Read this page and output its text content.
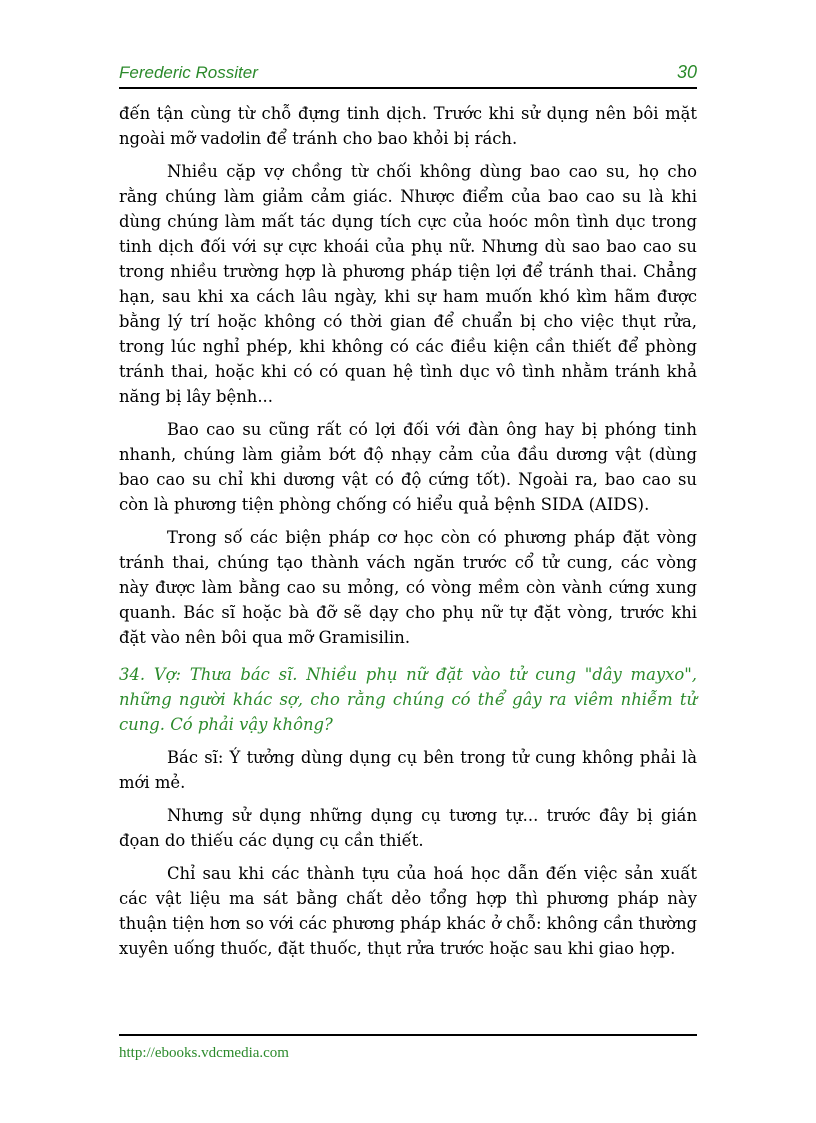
Ferederic Rossiter	30

đến tận cùng từ chỗ đựng tinh dịch. Trước khi sử dụng nên bôi mặt ngoài mỡ vadơlin để tránh cho bao khỏi bị rách.

Nhiều cặp vợ chồng từ chối không dùng bao cao su, họ cho rằng chúng làm giảm cảm giác. Nhược điểm của bao cao su là khi dùng chúng làm mất tác dụng tích cực của hoóc môn tình dục trong tinh dịch đối với sự cực khoái của phụ nữ. Nhưng dù sao bao cao su trong nhiều trường hợp là phương pháp tiện lợi để tránh thai. Chẳng hạn, sau khi xa cách lâu ngày, khi sự ham muốn khó kìm hãm được bằng lý trí hoặc không có thời gian để chuẩn bị cho việc thụt rửa, trong lúc nghỉ phép, khi không có các điều kiện cần thiết để phòng tránh thai, hoặc khi có có quan hệ tình dục vô tình nhằm tránh khả năng bị lây bệnh...

Bao cao su cũng rất có lợi đối với đàn ông hay bị phóng tinh nhanh, chúng làm giảm bớt độ nhạy cảm của đầu dương vật (dùng bao cao su chỉ khi dương vật có độ cứng tốt). Ngoài ra, bao cao su còn là phương tiện phòng chống có hiểu quả bệnh SIDA (AIDS).

Trong số các biện pháp cơ học còn có phương pháp đặt vòng tránh thai, chúng tạo thành vách ngăn trước cổ tử cung, các vòng này được làm bằng cao su mỏng, có vòng mềm còn vành cứng xung quanh. Bác sĩ hoặc bà đỡ sẽ dạy cho phụ nữ tự đặt vòng, trước khi đặt vào nên bôi qua mỡ Gramisilin.

34. Vợ: Thưa bác sĩ. Nhiều phụ nữ đặt vào tử cung "dây mayxo", những người khác sợ, cho rằng chúng có thể gây ra viêm nhiễm tử cung. Có phải vậy không?

Bác sĩ: Ý tưởng dùng dụng cụ bên trong tử cung không phải là mới mẻ.

Nhưng sử dụng những dụng cụ tương tự... trước đây bị gián đọan do thiếu các dụng cụ cần thiết.

Chỉ sau khi các thành tựu của hoá học dẫn đến việc sản xuất các vật liệu ma sát bằng chất dẻo tổng hợp thì phương pháp này thuận tiện hơn so với các phương pháp khác ở chỗ: không cần thường xuyên uống thuốc, đặt thuốc, thụt rửa trước hoặc sau khi giao hợp.

http://ebooks.vdcmedia.com
